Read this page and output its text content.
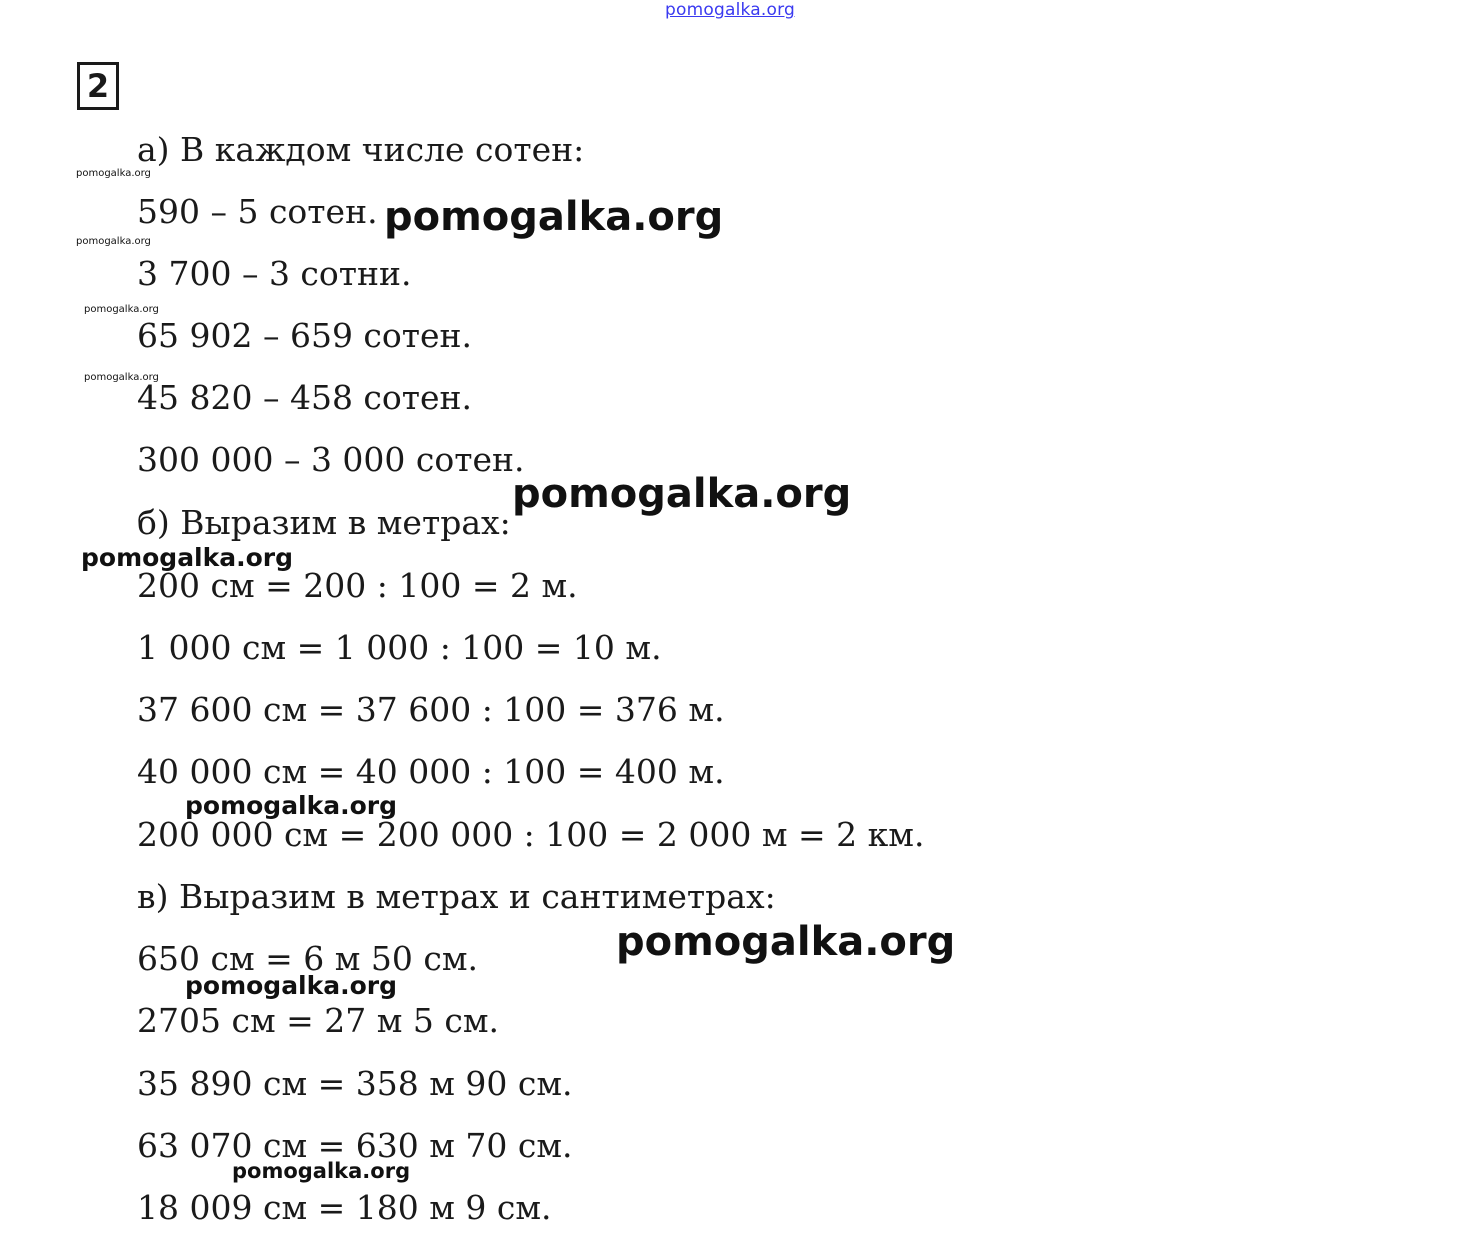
pomogalka.org
2
а) В каждом числе сотен:
590 – 5 сотен.
3 700 – 3 сотни.
65 902 – 659 сотен.
45 820 – 458 сотен.
300 000 – 3 000 сотен.
б) Выразим в метрах:
200 см = 200 : 100 = 2 м.
1 000 см = 1 000 : 100 = 10 м.
37 600 см = 37 600 : 100 = 376 м.
40 000 см = 40 000 : 100 = 400 м.
200 000 см = 200 000 : 100 = 2 000 м = 2 км.
в) Выразим в метрах и сантиметрах:
650 см = 6 м 50 см.
2705 см = 27 м 5 см.
35 890 см = 358 м 90 см.
63 070 см = 630 м 70 см.
18 009 см = 180 м 9 см.
pomogalka.org
pomogalka.org
pomogalka.org
pomogalka.org
pomogalka.org
pomogalka.org
pomogalka.org
pomogalka.org
pomogalka.org
pomogalka.org
pomogalka.org
